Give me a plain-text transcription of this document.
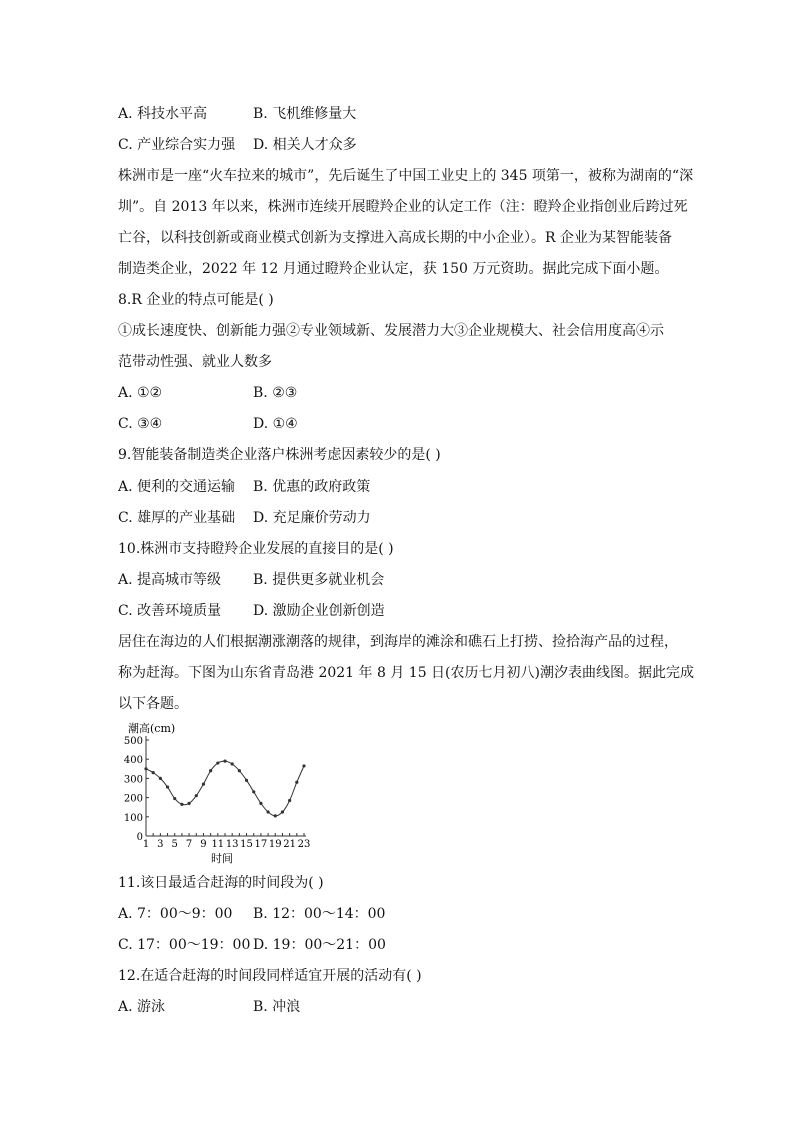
A. 科技水平高	B. 飞机维修量大
C. 产业综合实力强 D. 相关人才众多
株洲市是一座“火车拉来的城市”，先后诞生了中国工业史上的 345 项第一，被称为湖南的“深
圳”。自 2013 年以来，株洲市连续开展瞪羚企业的认定工作（注：瞪羚企业指创业后跨过死
亡谷，以科技创新或商业模式创新为支撑进入高成长期的中小企业）。R 企业为某智能装备
制造类企业，2022 年 12 月通过瞪羚企业认定，获 150 万元资助。据此完成下面小题。
8.R 企业的特点可能是( )
①成长速度快、创新能力强②专业领域新、发展潜力大③企业规模大、社会信用度高④示
范带动性强、就业人数多
A. ①②	B. ②③
C. ③④	D. ①④
9.智能装备制造类企业落户株洲考虑因素较少的是( )
A. 便利的交通运输 B. 优惠的政府政策
C. 雄厚的产业基础 D. 充足廉价劳动力
10.株洲市支持瞪羚企业发展的直接目的是( )
A. 提高城市等级 B. 提供更多就业机会
C. 改善环境质量 D. 激励企业创新创造
居住在海边的人们根据潮涨潮落的规律，到海岸的滩涂和礁石上打捞、捡拾海产品的过程，
称为赶海。下图为山东省青岛港 2021 年 8 月 15 日(农历七月初八)潮汐表曲线图。据此完成
以下各题。
潮高(cm)
0
100
200
300
400
500
1 3 5 7 9 11 13 15 17 19 21 23
时间
11.该日最适合赶海的时间段为( )
A. 7：00～9：00 B. 12：00～14：00
C. 17：00～19：00 D. 19：00～21：00
12.在适合赶海的时间段同样适宜开展的活动有( )
A. 游泳	B. 冲浪
